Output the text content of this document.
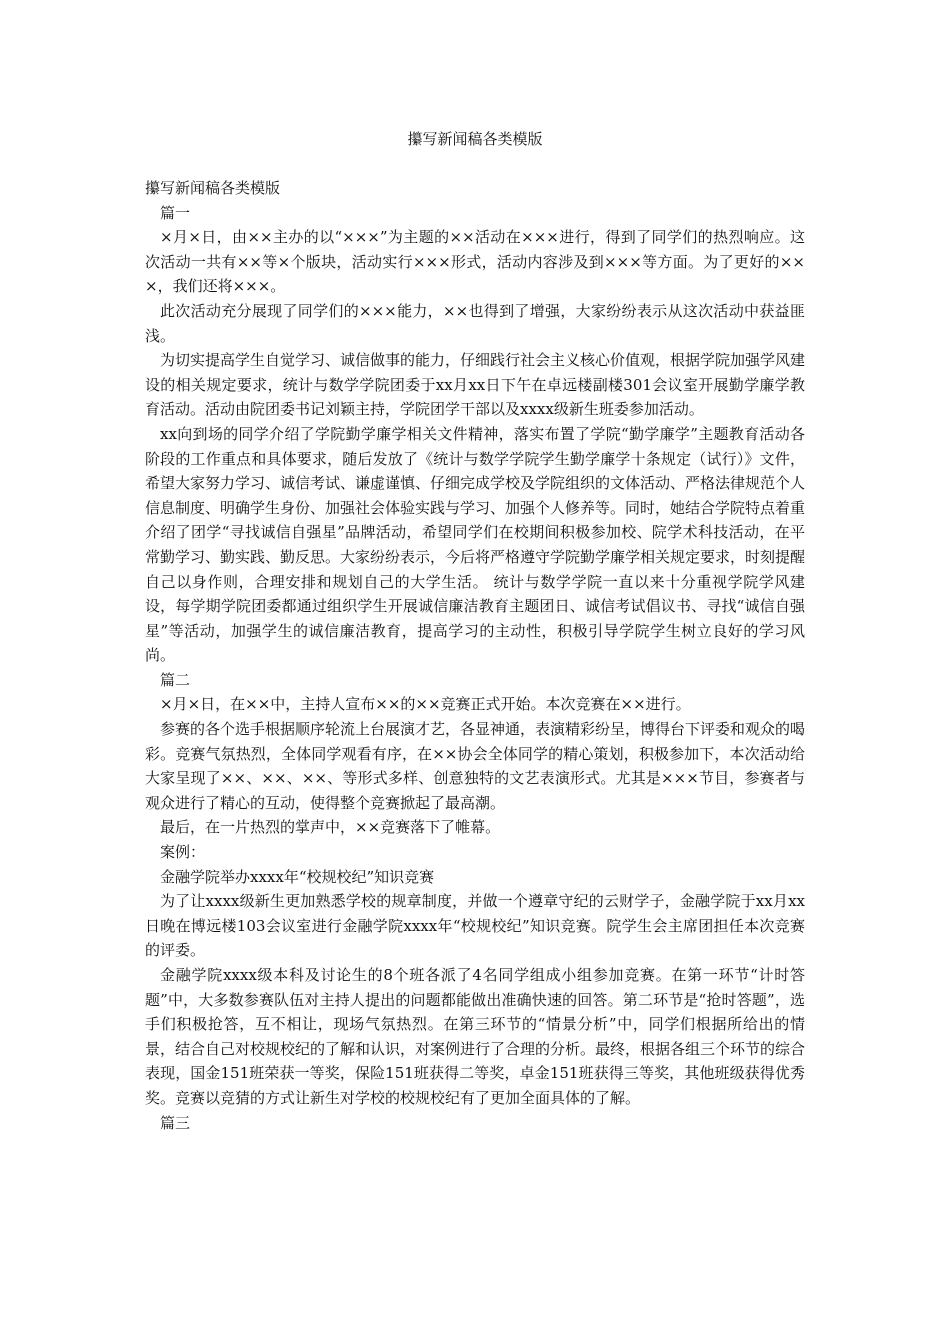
攥写新闻稿各类模版

攥写新闻稿各类模版

篇一

×月×日，由××主办的以“×××”为主题的××活动在×××进行，得到了同学们的热烈响应。这次活动一共有××等×个版块，活动实行×××形式，活动内容涉及到×××等方面。为了更好的×××，我们还将×××。

此次活动充分展现了同学们的×××能力，××也得到了增强，大家纷纷表示从这次活动中获益匪浅。

为切实提高学生自觉学习、诚信做事的能力，仔细践行社会主义核心价值观，根据学院加强学风建设的相关规定要求，统计与数学学院团委于xx月xx日下午在卓远楼副楼301会议室开展勤学廉学教育活动。活动由院团委书记刘颖主持，学院团学干部以及xxxx级新生班委参加活动。

xx向到场的同学介绍了学院勤学廉学相关文件精神，落实布置了学院“勤学廉学”主题教育活动各阶段的工作重点和具体要求，随后发放了《统计与数学学院学生勤学廉学十条规定（试行）》文件，希望大家努力学习、诚信考试、谦虚谨慎、仔细完成学校及学院组织的文体活动、严格法律规范个人信息制度、明确学生身份、加强社会体验实践与学习、加强个人修养等。同时，她结合学院特点着重介绍了团学“寻找诚信自强星”品牌活动，希望同学们在校期间积极参加校、院学术科技活动，在平常勤学习、勤实践、勤反思。大家纷纷表示，今后将严格遵守学院勤学廉学相关规定要求，时刻提醒自己以身作则，合理安排和规划自己的大学生活。 统计与数学学院一直以来十分重视学院学风建设，每学期学院团委都通过组织学生开展诚信廉洁教育主题团日、诚信考试倡议书、寻找“诚信自强星”等活动，加强学生的诚信廉洁教育，提高学习的主动性，积极引导学院学生树立良好的学习风尚。

篇二

×月×日，在××中，主持人宣布××的××竞赛正式开始。本次竞赛在××进行。

参赛的各个选手根据顺序轮流上台展演才艺，各显神通，表演精彩纷呈，博得台下评委和观众的喝彩。竞赛气氛热烈，全体同学观看有序，在××协会全体同学的精心策划，积极参加下，本次活动给大家呈现了××、××、××、等形式多样、创意独特的文艺表演形式。尤其是×××节目，参赛者与观众进行了精心的互动，使得整个竞赛掀起了最高潮。

最后，在一片热烈的掌声中，××竞赛落下了帷幕。

案例：

金融学院举办xxxx年“校规校纪”知识竞赛

为了让xxxx级新生更加熟悉学校的规章制度，并做一个遵章守纪的云财学子，金融学院于xx月xx日晚在博远楼103会议室进行金融学院xxxx年“校规校纪”知识竞赛。院学生会主席团担任本次竞赛的评委。

金融学院xxxx级本科及讨论生的8个班各派了4名同学组成小组参加竞赛。在第一环节“计时答题”中，大多数参赛队伍对主持人提出的问题都能做出准确快速的回答。第二环节是“抢时答题”，选手们积极抢答，互不相让，现场气氛热烈。在第三环节的“情景分析”中，同学们根据所给出的情景，结合自己对校规校纪的了解和认识，对案例进行了合理的分析。最终，根据各组三个环节的综合表现，国金151班荣获一等奖，保险151班获得二等奖，卓金151班获得三等奖，其他班级获得优秀奖。竞赛以竞猜的方式让新生对学校的校规校纪有了更加全面具体的了解。

篇三
